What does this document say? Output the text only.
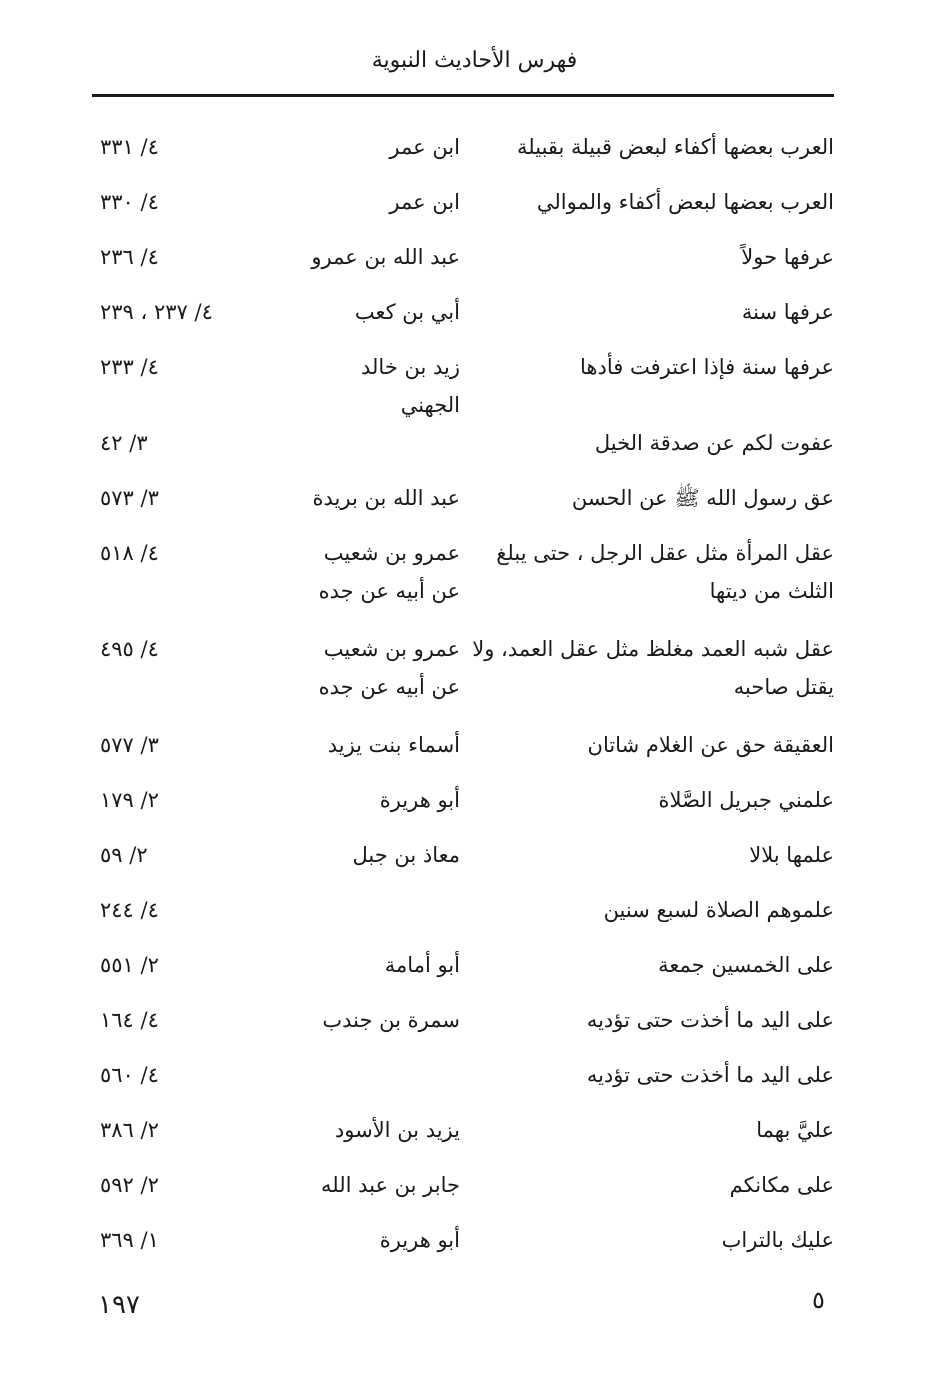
فهرس الأحاديث النبوية
العرب بعضها أكفاء لبعض قبيلة بقبيلة
ابن عمر
٤/ ٣٣١
العرب بعضها لبعض أكفاء والموالي
ابن عمر
٤/ ٣٣٠
عرفها حولاً
عبد الله بن عمرو
٤/ ٢٣٦
عرفها سنة
أبي بن كعب
٤/ ٢٣٧ ، ٢٣٩
عرفها سنة فإذا اعترفت فأدها
زيد بن خالد الجهني
٤/ ٢٣٣
عفوت لكم عن صدقة الخيل
٣/ ٤٢
عق رسول الله ﷺ عن الحسن
عبد الله بن بريدة
٣/ ٥٧٣
عقل المرأة مثل عقل الرجل ، حتى يبلغ الثلث من ديتها
عمرو بن شعيب عن أبيه عن جده
٤/ ٥١٨
عقل شبه العمد مغلظ مثل عقل العمد، ولا يقتل صاحبه
عمرو بن شعيب عن أبيه عن جده
٤/ ٤٩٥
العقيقة حق عن الغلام شاتان
أسماء بنت يزيد
٣/ ٥٧٧
علمني جبريل الصَّلاة
أبو هريرة
٢/ ١٧٩
علمها بلالا
معاذ بن جبل
٢/ ٥٩
علموهم الصلاة لسبع سنين
٤/ ٢٤٤
على الخمسين جمعة
أبو أمامة
٢/ ٥٥١
على اليد ما أخذت حتى تؤديه
سمرة بن جندب
٤/ ١٦٤
على اليد ما أخذت حتى تؤديه
٤/ ٥٦٠
عليَّ بهما
يزيد بن الأسود
٢/ ٣٨٦
على مكانكم
جابر بن عبد الله
٢/ ٥٩٢
عليك بالتراب
أبو هريرة
١/ ٣٦٩
١٩٧	٥
